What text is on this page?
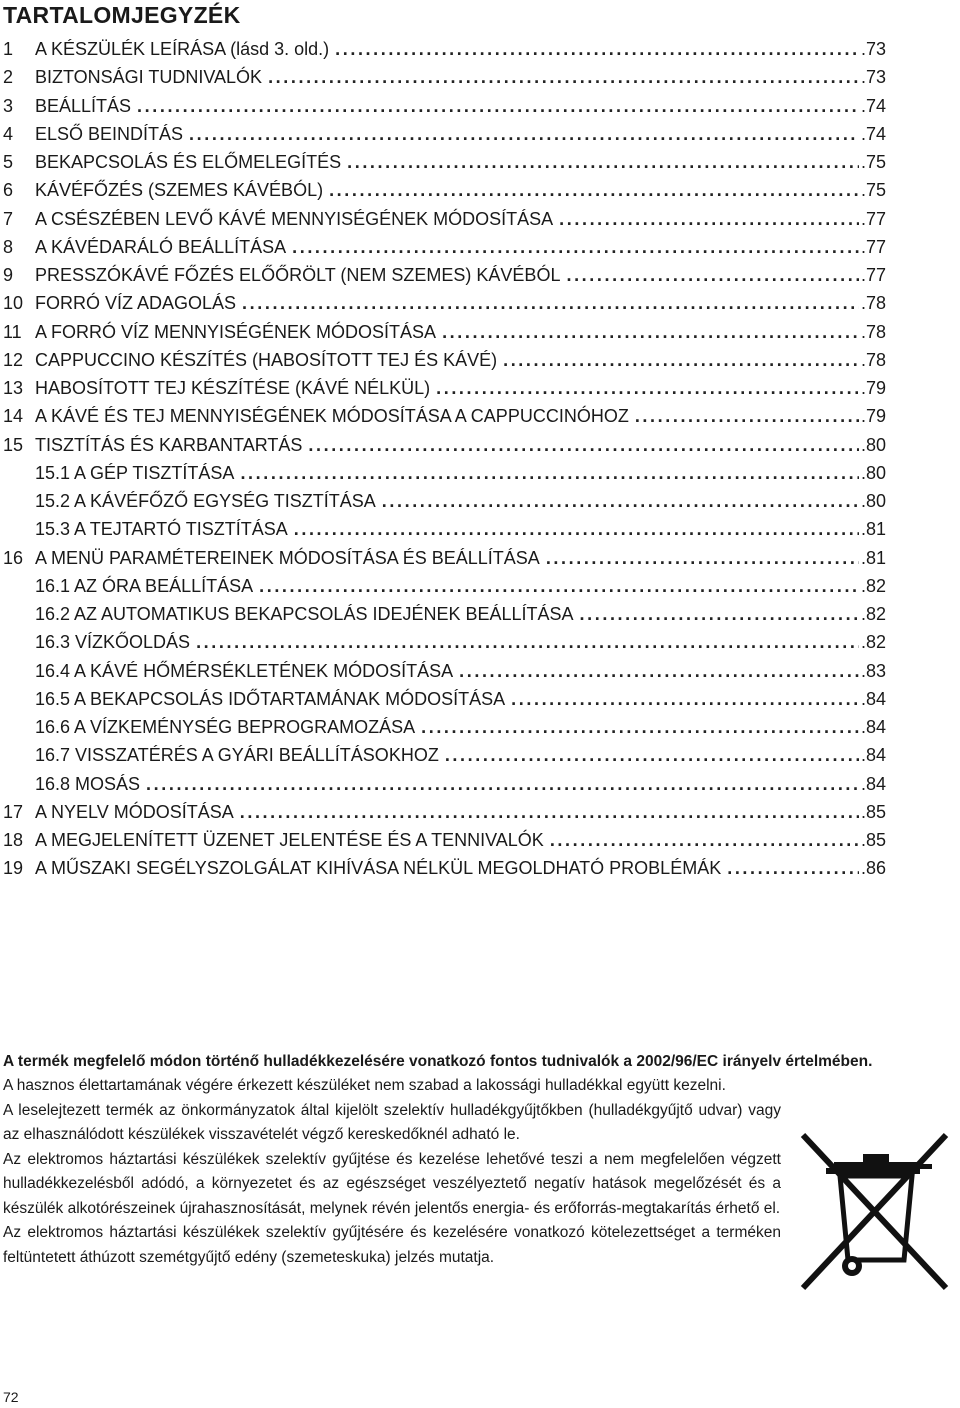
TARTALOMJEGYZÉK
1	A KÉSZÜLÉK LEÍRÁSA (lásd 3. old.) . . .	.73
2	BIZTONSÁGI TUDNIVALÓK . . .	.73
3	BEÁLLÍTÁS . . .	.74
4	ELSŐ BEINDÍTÁS . . .	.74
5	BEKAPCSOLÁS ÉS ELŐMELEGÍTÉS . . .	.75
6	KÁVÉFŐZÉS (SZEMES KÁVÉBÓL) . . .	.75
7	A CSÉSZÉBEN LEVŐ KÁVÉ MENNYISÉGÉNEK MÓDOSÍTÁSA . . .	.77
8	A KÁVÉDARÁLÓ BEÁLLÍTÁSA . . .	.77
9	PRESSZÓKÁVÉ FŐZÉS ELŐŐRÖLT (NEM SZEMES) KÁVÉBÓL . . .	.77
10 FORRÓ VÍZ ADAGOLÁS . . .	.78
11 A FORRÓ VÍZ MENNYISÉGÉNEK MÓDOSÍTÁSA . . .	.78
12 CAPPUCCINO KÉSZÍTÉS (HABOSÍTOTT TEJ ÉS KÁVÉ) . . .	.78
13 HABOSÍTOTT TEJ KÉSZÍTÉSE (KÁVÉ NÉLKÜL) . . .	.79
14 A KÁVÉ ÉS TEJ MENNYISÉGÉNEK MÓDOSÍTÁSA A CAPPUCCINÓHOZ . . .	.79
15 TISZTÍTÁS ÉS KARBANTARTÁS . . .	.80
15.1 A GÉP TISZTÍTÁSA . . .	.80
15.2 A KÁVÉFŐZŐ EGYSÉG TISZTÍTÁSA . . .	.80
15.3 A TEJTARTÓ TISZTÍTÁSA . . .	.81
16 A MENÜ PARAMÉTEREINEK MÓDOSÍTÁSA ÉS BEÁLLÍTÁSA . . .	.81
16.1 AZ ÓRA BEÁLLÍTÁSA . . .	.82
16.2 AZ AUTOMATIKUS BEKAPCSOLÁS IDEJÉNEK BEÁLLÍTÁSA . . .	.82
16.3 VÍZKŐOLDÁS . . .	.82
16.4 A KÁVÉ HŐMÉRSÉKLETÉNEK MÓDOSÍTÁSA . . .	.83
16.5 A BEKAPCSOLÁS IDŐTARTAMÁNAK MÓDOSÍTÁSA . . .	.84
16.6 A VÍZKEMÉNYSÉG BEPROGRAMOZÁSA . . .	.84
16.7 VISSZATÉRÉS A GYÁRI BEÁLLÍTÁSOKHOZ . . .	.84
16.8 MOSÁS . . .	.84
17 A NYELV MÓDOSÍTÁSA . . .	.85
18 A MEGJELENÍTETT ÜZENET JELENTÉSE ÉS A TENNIVALÓK . . .	.85
19 A MŰSZAKI SEGÉLYSZOLGÁLAT KIHÍVÁSA NÉLKÜL MEGOLDHATÓ PROBLÉMÁK . . .	.86
A termék megfelelő módon történő hulladékkezelésére vonatkozó fontos tudnivalók a 2002/96/EC irányelv értelmében.

A hasznos élettartamának végére érkezett készüléket nem szabad a lakossági hulladékkal együtt kezelni.

A leselejtezett termék az önkormányzatok által kijelölt szelektív hulladékgyűjtőkben (hulladékgyűjtő udvar) vagy az elhasználódott készülékek visszavételét végző kereskedőknél adható le.

Az elektromos háztartási készülékek szelektív gyűjtése és kezelése lehetővé teszi a nem megfelelően végzett hulladékkezelésből adódó, a környezetet és az egészséget veszélyeztető negatív hatások megelőzését és a készülék alkotórészeinek újrahasznosítását, melynek révén jelentős energia- és erőforrás-megtakarítás érhető el.

Az elektromos háztartási készülékek szelektív gyűjtésére és kezelésére vonatkozó kötelezettséget a terméken feltüntetett áthúzott szemétgyűjtő edény (szemeteskuka) jelzés mutatja.

72
